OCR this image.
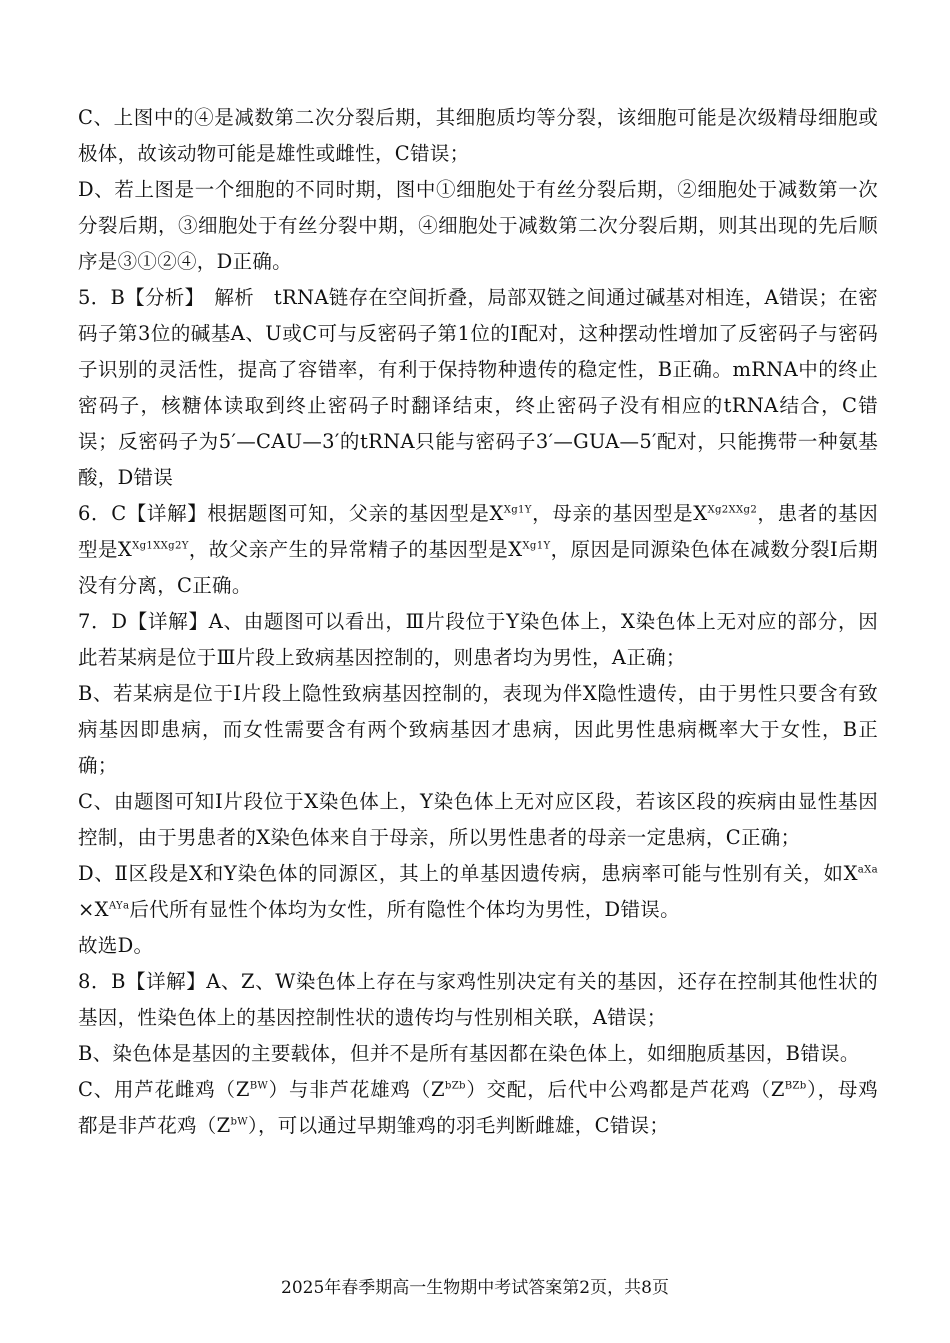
C、上图中的④是减数第二次分裂后期，其细胞质均等分裂，该细胞可能是次级精母细胞或极体，故该动物可能是雄性或雌性，C错误；

D、若上图是一个细胞的不同时期，图中①细胞处于有丝分裂后期，②细胞处于减数第一次分裂后期，③细胞处于有丝分裂中期，④细胞处于减数第二次分裂后期，则其出现的先后顺序是③①②④，D正确。

5．B【分析】　解析　tRNA链存在空间折叠，局部双链之间通过碱基对相连，A错误；在密码子第3位的碱基A、U或C可与反密码子第1位的I配对，这种摆动性增加了反密码子与密码子识别的灵活性，提高了容错率，有利于保持物种遗传的稳定性，B正确。mRNA中的终止密码子，核糖体读取到终止密码子时翻译结束，终止密码子没有相应的tRNA结合，C错误；反密码子为5′—CAU—3′的tRNA只能与密码子3′—GUA—5′配对，只能携带一种氨基酸，D错误

6．C【详解】根据题图可知，父亲的基因型是$X^{Xg1Y}$，母亲的基因型是$X^{Xg2XXg2}$，患者的基因型是$X^{Xg1XXg2Y}$，故父亲产生的异常精子的基因型是$X^{Xg1Y}$，原因是同源染色体在减数分裂I后期没有分离，C正确。

7．D【详解】A、由题图可以看出，Ⅲ片段位于Y染色体上，X染色体上无对应的部分，因此若某病是位于Ⅲ片段上致病基因控制的，则患者均为男性，A正确；

B、若某病是位于I片段上隐性致病基因控制的，表现为伴X隐性遗传，由于男性只要含有致病基因即患病，而女性需要含有两个致病基因才患病，因此男性患病概率大于女性，B正确；

C、由题图可知I片段位于X染色体上，Y染色体上无对应区段，若该区段的疾病由显性基因控制，由于男患者的X染色体来自于母亲，所以男性患者的母亲一定患病，C正确；

D、Ⅱ区段是X和Y染色体的同源区，其上的单基因遗传病，患病率可能与性别有关，如$X^{aXa}\times X^{AYa}$后代所有显性个体均为女性，所有隐性个体均为男性，D错误。

故选D。

8．B【详解】A、Z、W染色体上存在与家鸡性别决定有关的基因，还存在控制其他性状的基因，性染色体上的基因控制性状的遗传均与性别相关联，A错误；

B、染色体是基因的主要载体，但并不是所有基因都在染色体上，如细胞质基因，B错误。

C、用芦花雌鸡$(Z^{BW})$与非芦花雄鸡$(Z^{bZb})$交配，后代中公鸡都是芦花鸡$(Z^{BZb})$，母鸡都是非芦花鸡$(Z^{bW})$，可以通过早期雏鸡的羽毛判断雌雄，C错误；

2025年春季期高一生物期中考试答案第2页，共8页
